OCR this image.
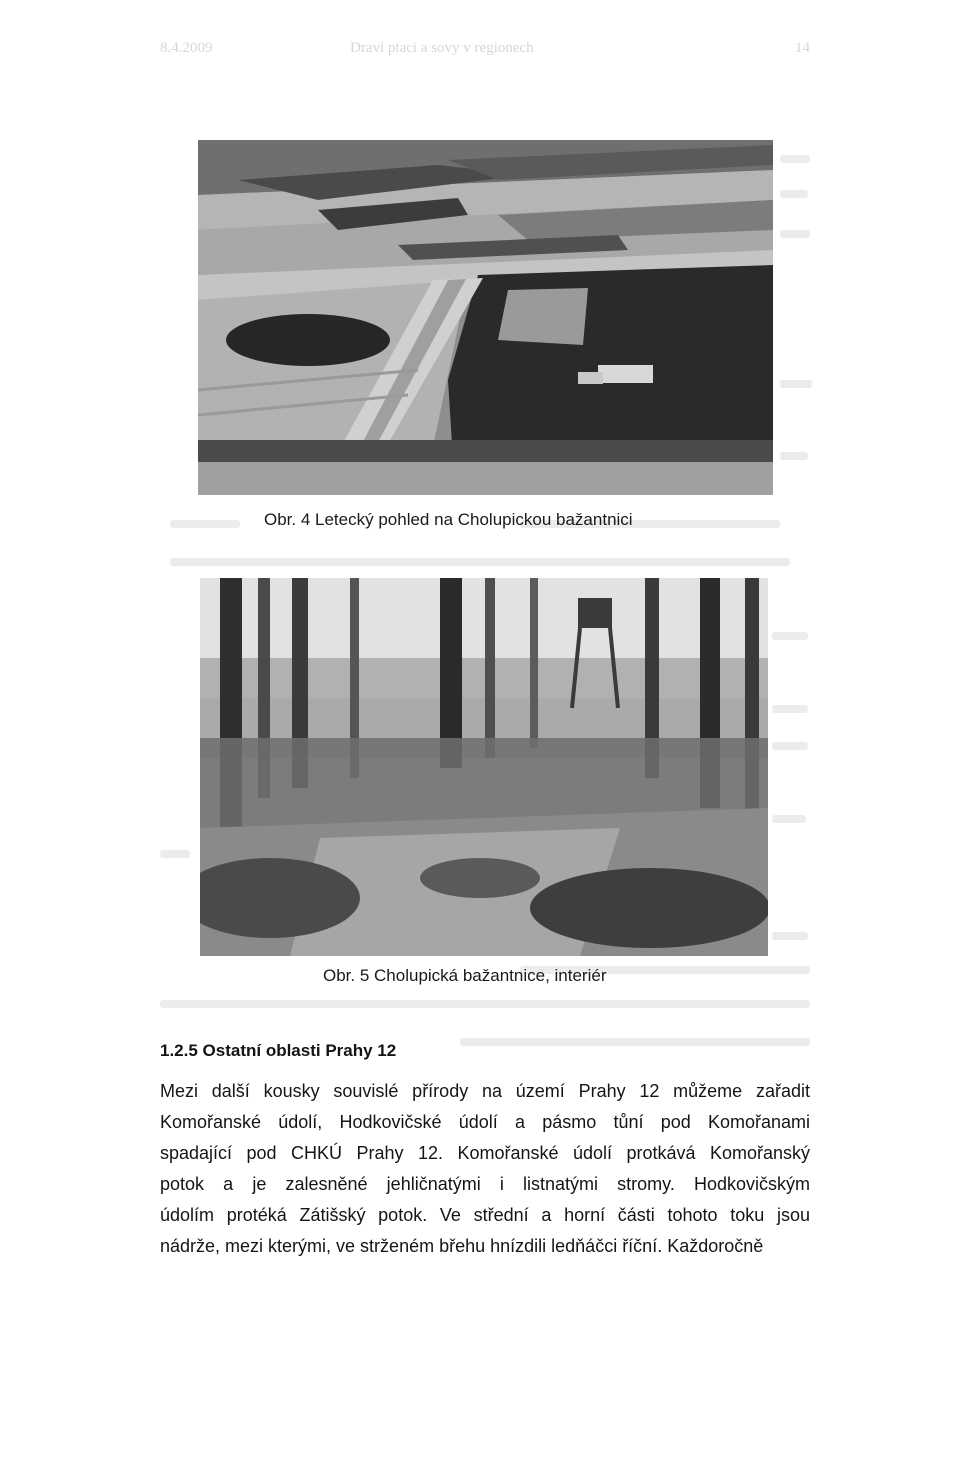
8.4.2009	Dravi ptaci a sovy v regionech	14
Obr. 4 Letecký pohled na Cholupickou bažantnici
Obr. 5 Cholupická bažantnice, interiér
1.2.5 Ostatní oblasti Prahy 12
Mezi další kousky souvislé přírody na území Prahy 12 můžeme zařadit
Komořanské údolí, Hodkovičské údolí a pásmo tůní pod Komořanami
spadající pod CHKÚ Prahy 12. Komořanské údolí protkává Komořanský
potok a je zalesněné jehličnatými i listnatými stromy. Hodkovičským
údolím protéká Zátišský potok. Ve střední a horní části tohoto toku jsou
nádrže, mezi kterými, ve strženém břehu hnízdili ledňáčci říční. Každoročně
